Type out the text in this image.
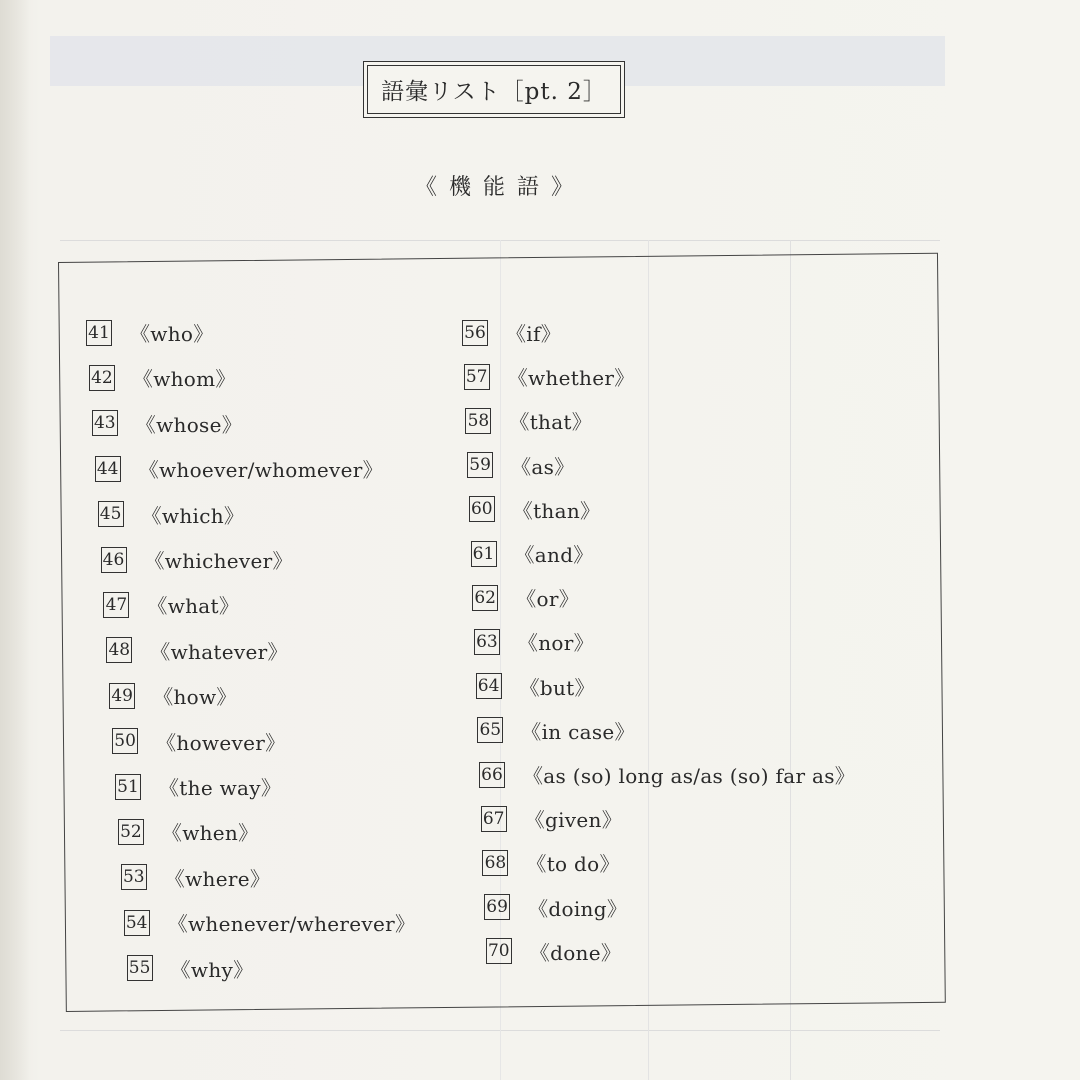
語彙リスト［pt. 2］
《機能語》
41 《who》
42 《whom》
43 《whose》
44 《whoever/whomever》
45 《which》
46 《whichever》
47 《what》
48 《whatever》
49 《how》
50 《however》
51 《the way》
52 《when》
53 《where》
54 《whenever/wherever》
55 《why》
56 《if》
57 《whether》
58 《that》
59 《as》
60 《than》
61 《and》
62 《or》
63 《nor》
64 《but》
65 《in case》
66 《as (so) long as/as (so) far as》
67 《given》
68 《to do》
69 《doing》
70 《done》
